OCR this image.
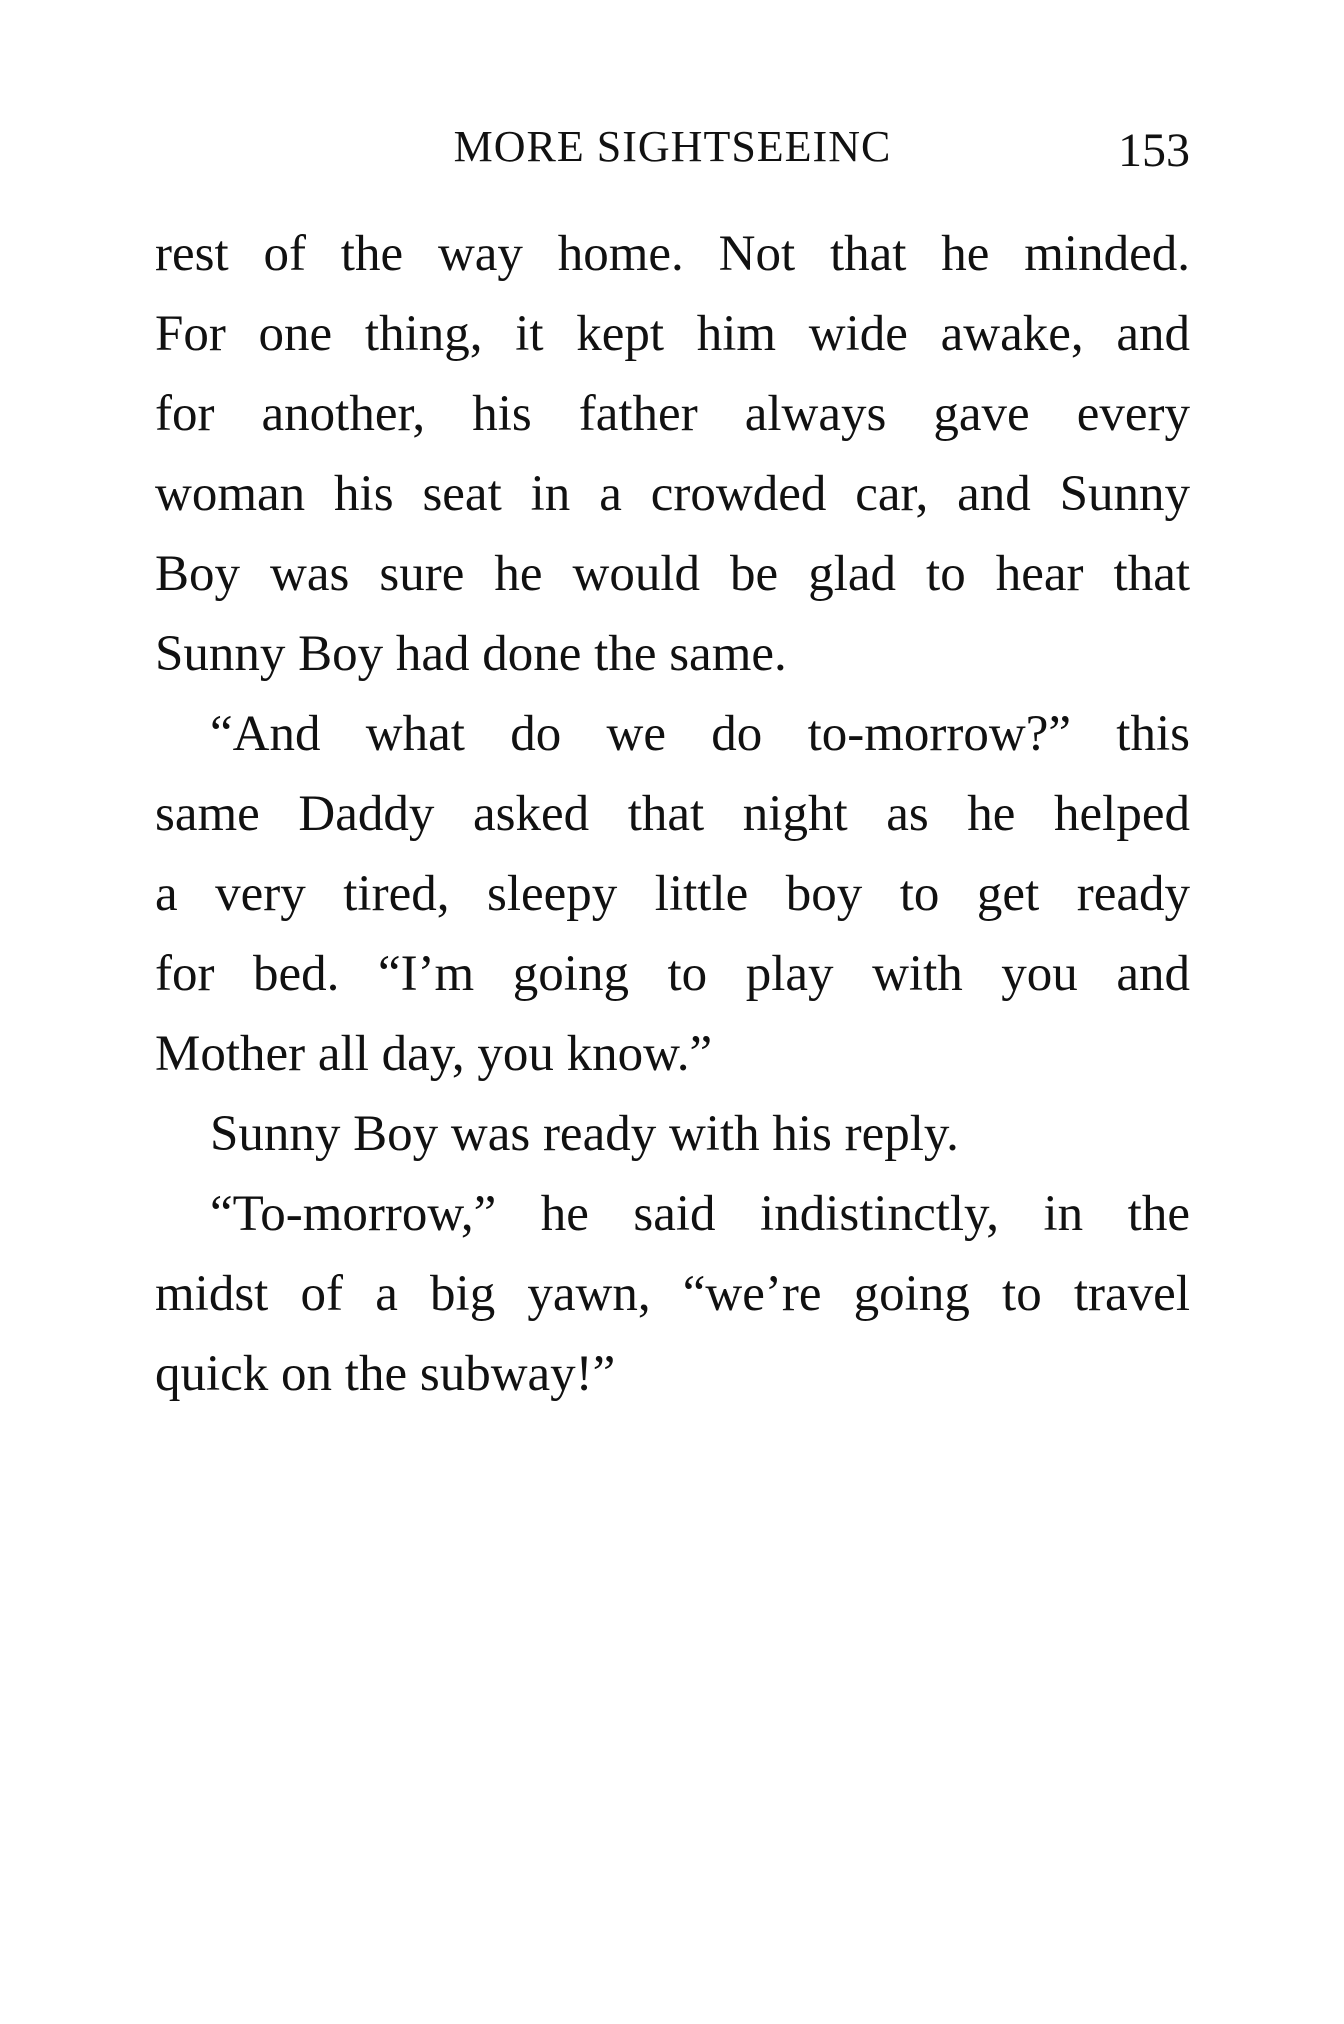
MORE SIGHTSEEINC	153
rest of the way home. Not that he minded.
For one thing, it kept him wide awake, and
for another, his father always gave every
woman his seat in a crowded car, and Sunny
Boy was sure he would be glad to hear that
Sunny Boy had done the same.
“And what do we do to-morrow?” this
same Daddy asked that night as he helped
a very tired, sleepy little boy to get ready
for bed. “I’m going to play with you and
Mother all day, you know.”
Sunny Boy was ready with his reply.
“To-morrow,” he said indistinctly, in the
midst of a big yawn, “we’re going to travel
quick on the subway!”
